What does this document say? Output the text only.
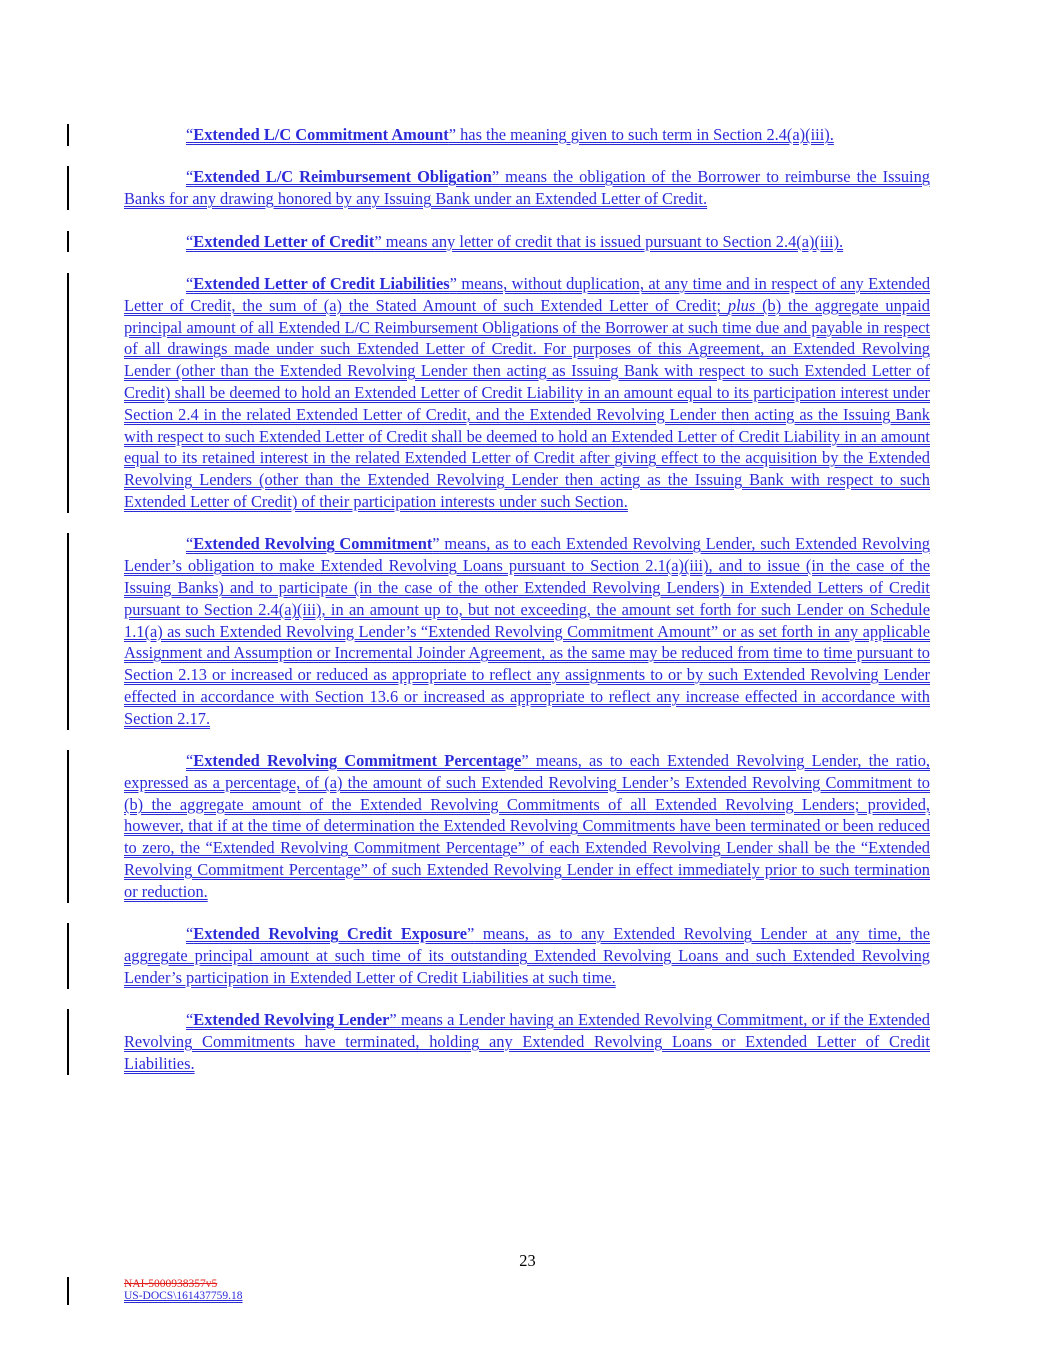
“Extended L/C Commitment Amount” has the meaning given to such term in Section 2.4(a)(iii).
“Extended L/C Reimbursement Obligation” means the obligation of the Borrower to reimburse the Issuing Banks for any drawing honored by any Issuing Bank under an Extended Letter of Credit.
“Extended Letter of Credit” means any letter of credit that is issued pursuant to Section 2.4(a)(iii).
“Extended Letter of Credit Liabilities” means, without duplication, at any time and in respect of any Extended Letter of Credit, the sum of (a) the Stated Amount of such Extended Letter of Credit; plus (b) the aggregate unpaid principal amount of all Extended L/C Reimbursement Obligations of the Borrower at such time due and payable in respect of all drawings made under such Extended Letter of Credit. For purposes of this Agreement, an Extended Revolving Lender (other than the Extended Revolving Lender then acting as Issuing Bank with respect to such Extended Letter of Credit) shall be deemed to hold an Extended Letter of Credit Liability in an amount equal to its participation interest under Section 2.4 in the related Extended Letter of Credit, and the Extended Revolving Lender then acting as the Issuing Bank with respect to such Extended Letter of Credit shall be deemed to hold an Extended Letter of Credit Liability in an amount equal to its retained interest in the related Extended Letter of Credit after giving effect to the acquisition by the Extended Revolving Lenders (other than the Extended Revolving Lender then acting as the Issuing Bank with respect to such Extended Letter of Credit) of their participation interests under such Section.
“Extended Revolving Commitment” means, as to each Extended Revolving Lender, such Extended Revolving Lender’s obligation to make Extended Revolving Loans pursuant to Section 2.1(a)(iii), and to issue (in the case of the Issuing Banks) and to participate (in the case of the other Extended Revolving Lenders) in Extended Letters of Credit pursuant to Section 2.4(a)(iii), in an amount up to, but not exceeding, the amount set forth for such Lender on Schedule 1.1(a) as such Extended Revolving Lender’s “Extended Revolving Commitment Amount” or as set forth in any applicable Assignment and Assumption or Incremental Joinder Agreement, as the same may be reduced from time to time pursuant to Section 2.13 or increased or reduced as appropriate to reflect any assignments to or by such Extended Revolving Lender effected in accordance with Section 13.6 or increased as appropriate to reflect any increase effected in accordance with Section 2.17.
“Extended Revolving Commitment Percentage” means, as to each Extended Revolving Lender, the ratio, expressed as a percentage, of (a) the amount of such Extended Revolving Lender’s Extended Revolving Commitment to (b) the aggregate amount of the Extended Revolving Commitments of all Extended Revolving Lenders; provided, however, that if at the time of determination the Extended Revolving Commitments have been terminated or been reduced to zero, the “Extended Revolving Commitment Percentage” of each Extended Revolving Lender shall be the “Extended Revolving Commitment Percentage” of such Extended Revolving Lender in effect immediately prior to such termination or reduction.
“Extended Revolving Credit Exposure” means, as to any Extended Revolving Lender at any time, the aggregate principal amount at such time of its outstanding Extended Revolving Loans and such Extended Revolving Lender’s participation in Extended Letter of Credit Liabilities at such time.
“Extended Revolving Lender” means a Lender having an Extended Revolving Commitment, or if the Extended Revolving Commitments have terminated, holding any Extended Revolving Loans or Extended Letter of Credit Liabilities.
23
NAI-5000938357v5
US-DOCS\161437759.18
